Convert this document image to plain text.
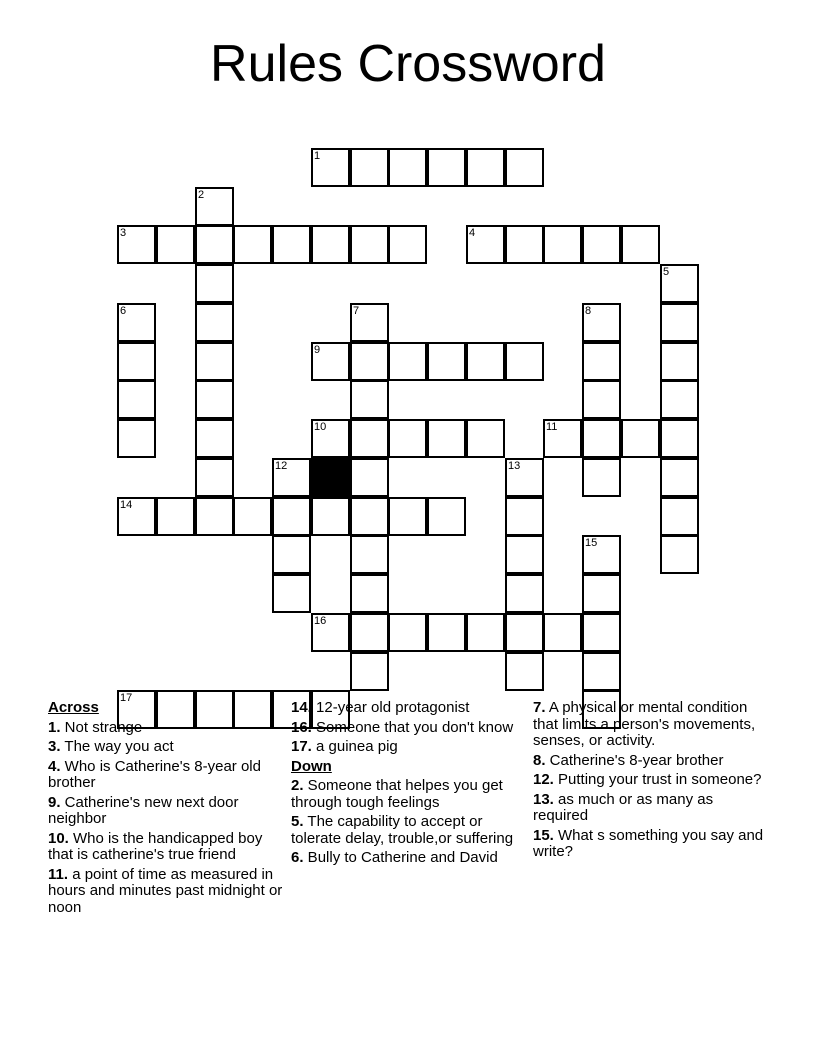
Rules Crossword
1
2
3	4
5
6	7	8
9
10	11
12	13
14
15
16
17
Across
1. Not strange
3. The way you act
4. Who is Catherine's 8-year old brother
9. Catherine's new next door neighbor
10. Who is the handicapped boy that is catherine's true friend
11. a point of time as measured in hours and minutes past midnight or noon
14. 12-year old protagonist
16. Someone that you don't know
17. a guinea pig
Down
2. Someone that helpes you get through tough feelings
5. The capability to accept or tolerate delay, trouble,or suffering
6. Bully to Catherine and David
7. A physical or mental condition that limits a person's movements, senses, or activity.
8. Catherine's 8-year brother
12. Putting your trust in someone?
13. as much or as many as required
15. What s something you say and write?
